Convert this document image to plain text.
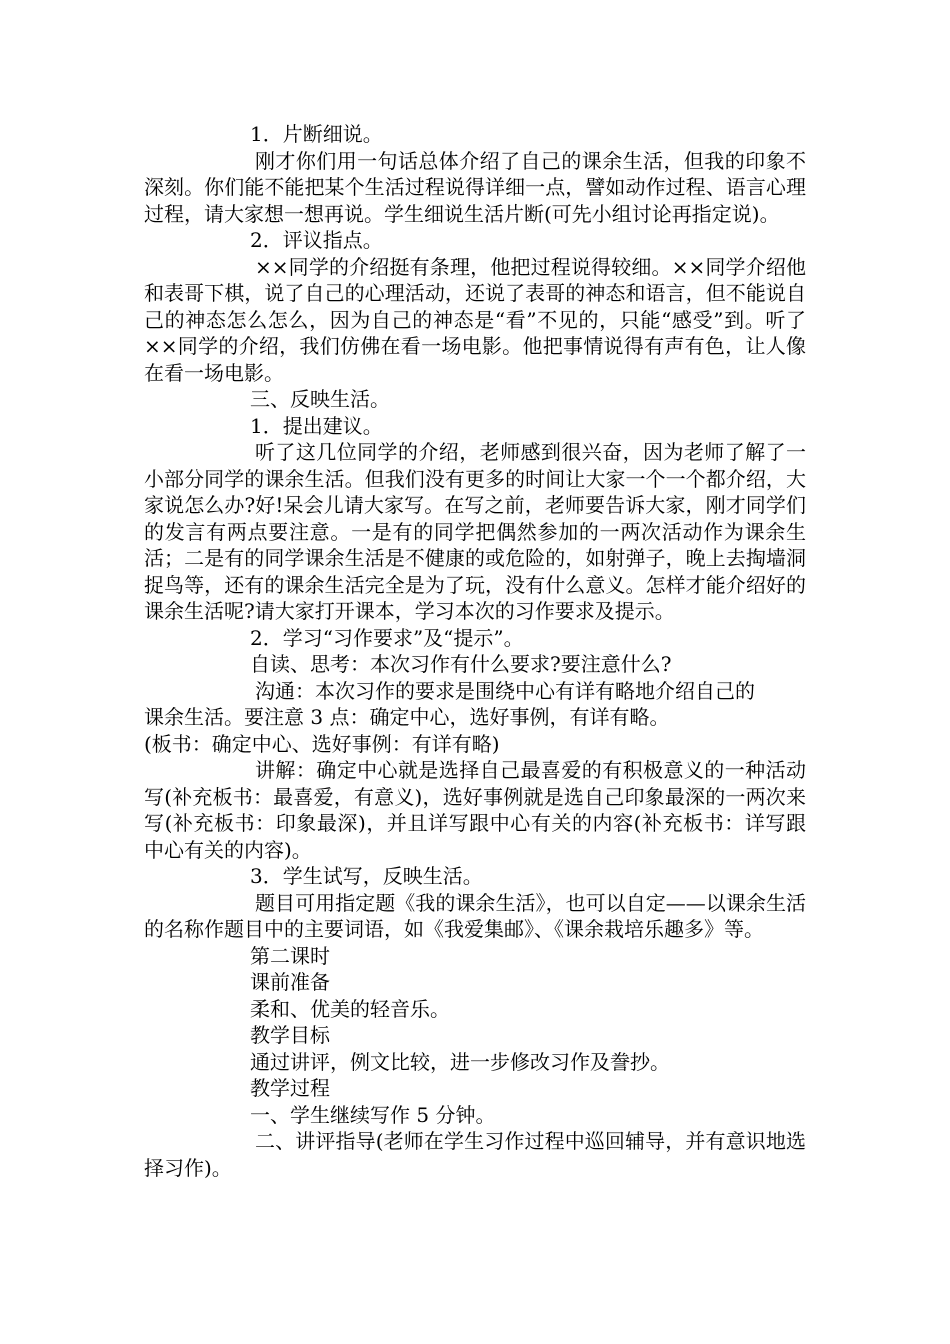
1．片断细说。

刚才你们用一句话总体介绍了自己的课余生活，但我的印象不深刻。你们能不能把某个生活过程说得详细一点，譬如动作过程、语言心理过程，请大家想一想再说。学生细说生活片断(可先小组讨论再指定说)。

2．评议指点。

××同学的介绍挺有条理，他把过程说得较细。××同学介绍他和表哥下棋，说了自己的心理活动，还说了表哥的神态和语言，但不能说自己的神态怎么怎么，因为自己的神态是“看”不见的，只能“感受”到。听了××同学的介绍，我们仿佛在看一场电影。他把事情说得有声有色，让人像在看一场电影。

三、反映生活。

1．提出建议。

听了这几位同学的介绍，老师感到很兴奋，因为老师了解了一小部分同学的课余生活。但我们没有更多的时间让大家一个一个都介绍，大家说怎么办?好!呆会儿请大家写。在写之前，老师要告诉大家，刚才同学们的发言有两点要注意。一是有的同学把偶然参加的一两次活动作为课余生活；二是有的同学课余生活是不健康的或危险的，如射弹子，晚上去掏墙洞捉鸟等，还有的课余生活完全是为了玩，没有什么意义。怎样才能介绍好的课余生活呢?请大家打开课本，学习本次的习作要求及提示。

2．学习“习作要求”及“提示”。

自读、思考：本次习作有什么要求?要注意什么?

沟通：本次习作的要求是围绕中心有详有略地介绍自己的

课余生活。要注意 3 点：确定中心，选好事例，有详有略。

(板书：确定中心、选好事例：有详有略)

讲解：确定中心就是选择自己最喜爱的有积极意义的一种活动写(补充板书：最喜爱，有意义)，选好事例就是选自己印象最深的一两次来写(补充板书：印象最深)，并且详写跟中心有关的内容(补充板书：详写跟中心有关的内容)。

3．学生试写，反映生活。

题目可用指定题《我的课余生活》，也可以自定——以课余生活的名称作题目中的主要词语，如《我爱集邮》、《课余栽培乐趣多》等。

第二课时

课前准备

柔和、优美的轻音乐。

教学目标

通过讲评，例文比较，进一步修改习作及誊抄。

教学过程

一、学生继续写作 5 分钟。

二、讲评指导(老师在学生习作过程中巡回辅导，并有意识地选择习作)。
